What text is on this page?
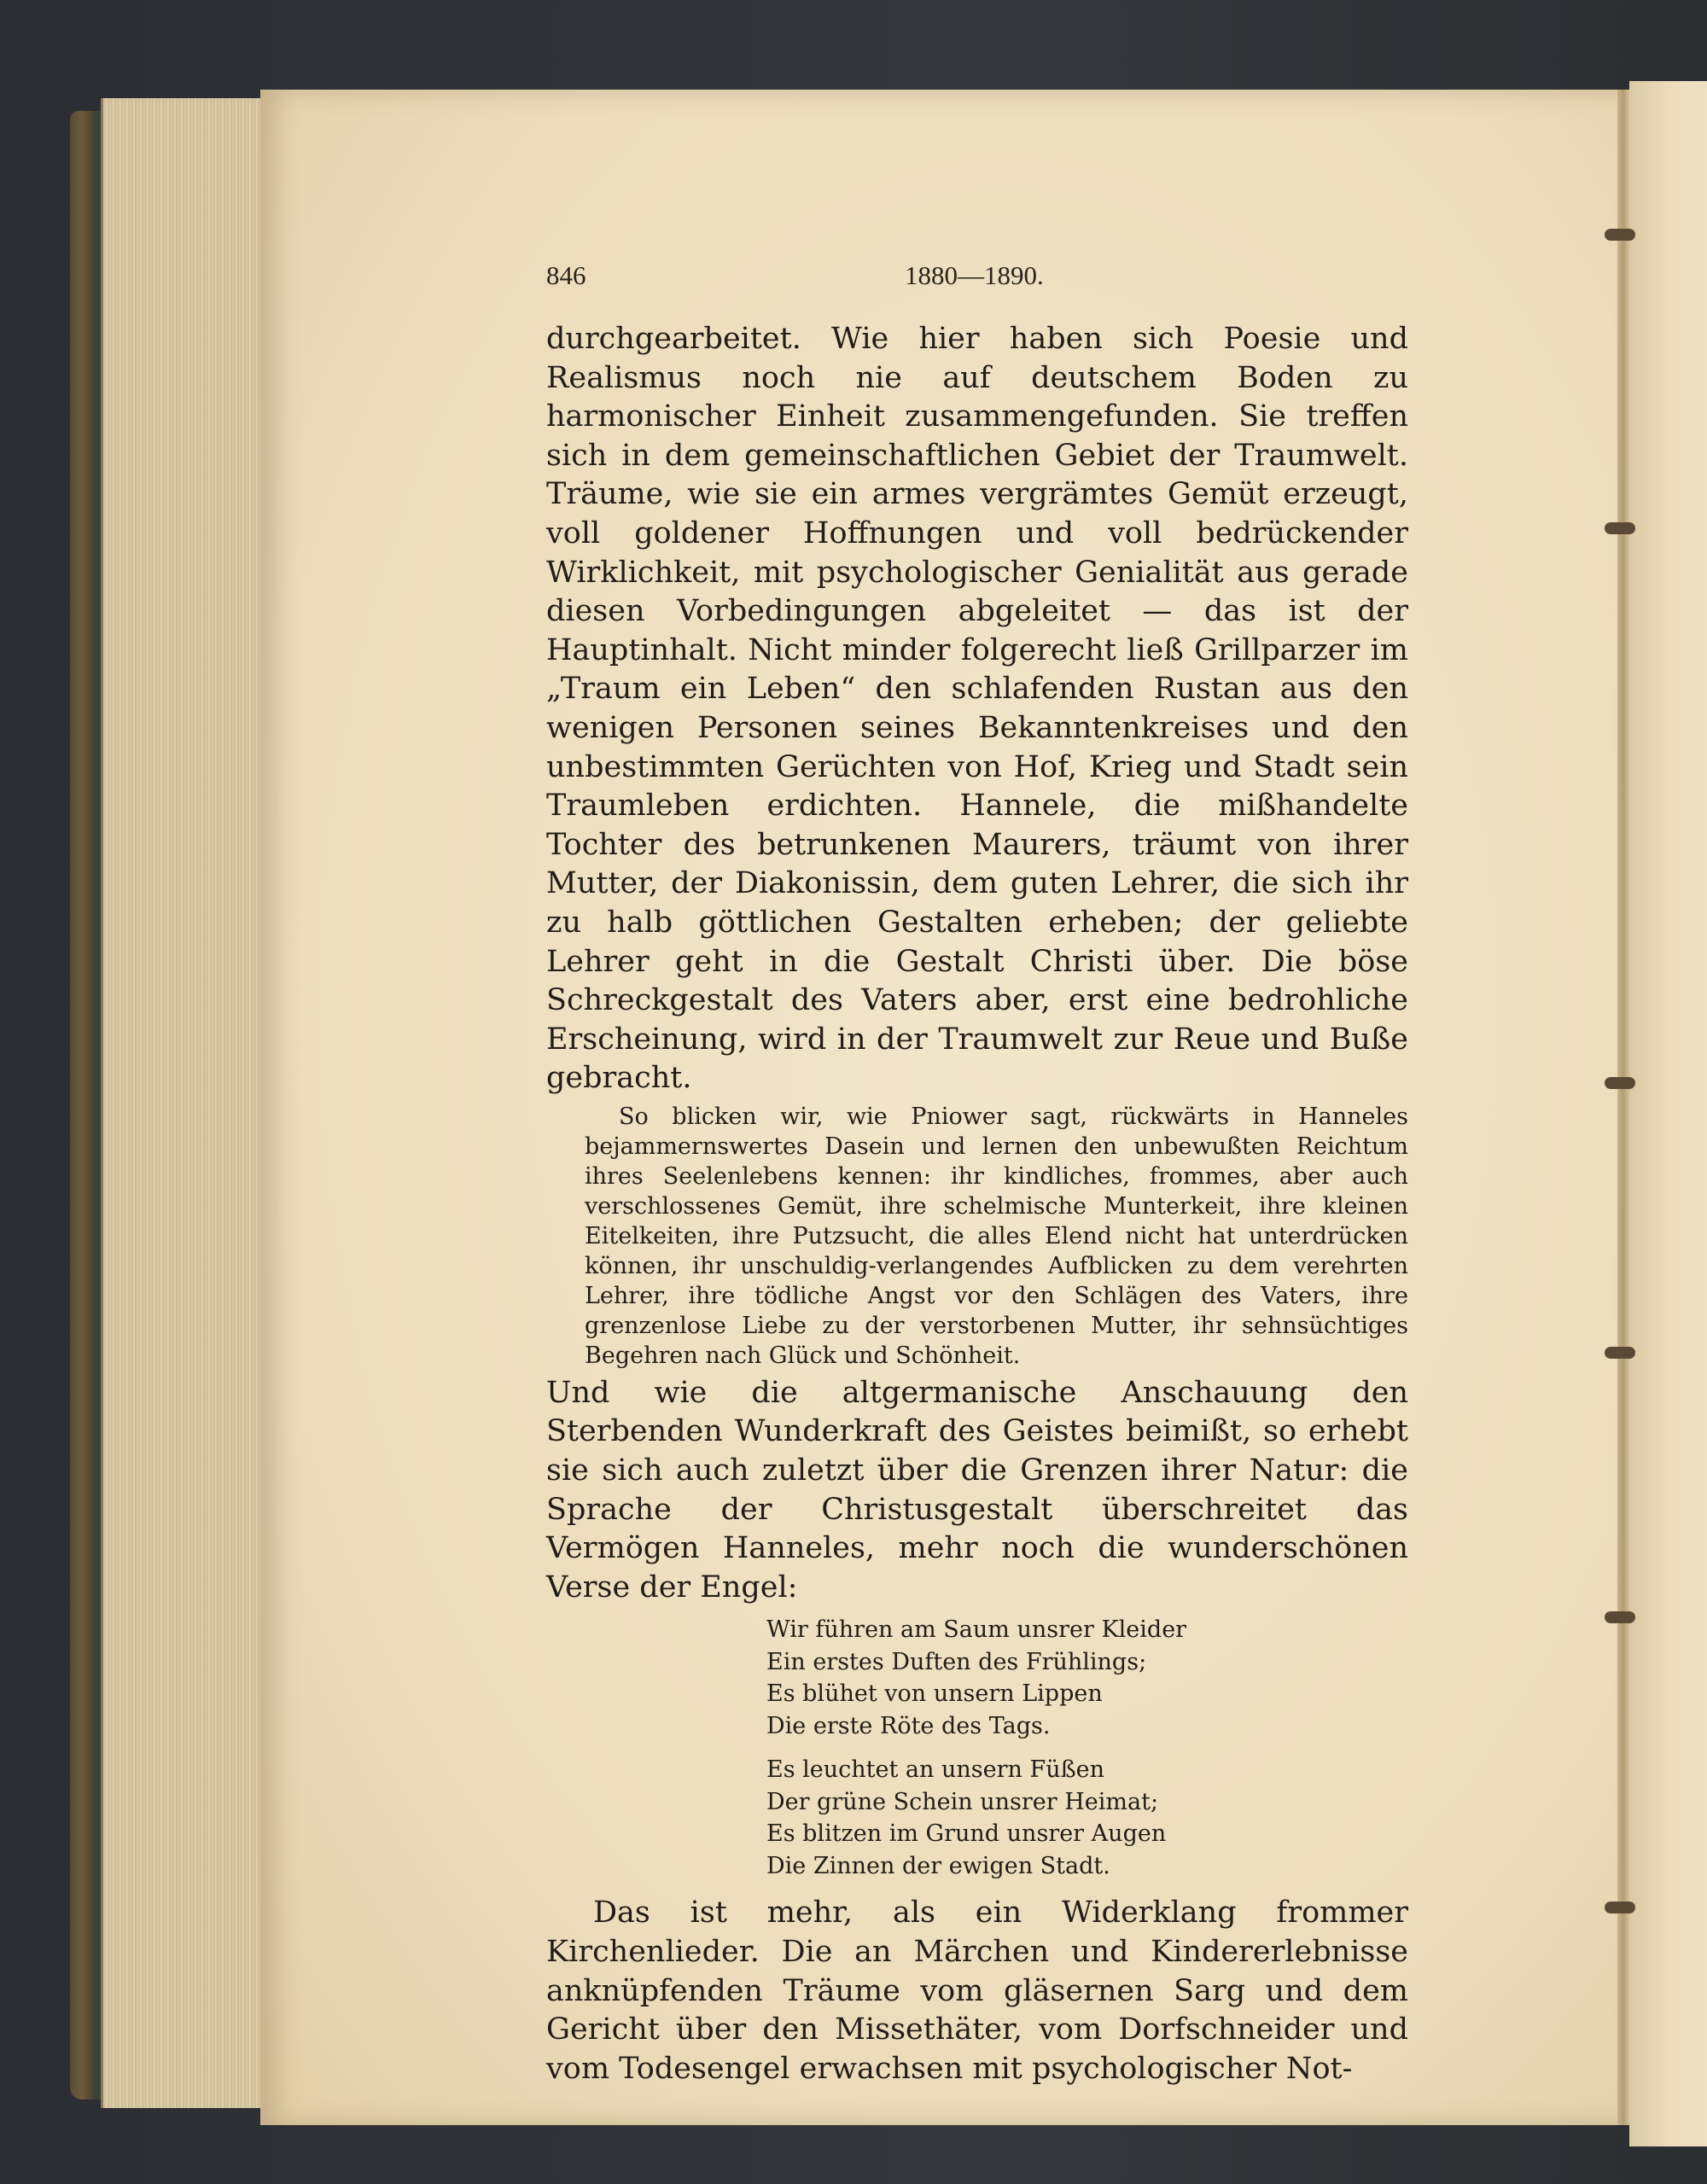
846	1880—1890.

durchgearbeitet. Wie hier haben sich Poesie und Realismus noch nie auf deutschem Boden zu harmonischer Einheit zusammengefunden. Sie treffen sich in dem gemeinschaftlichen Gebiet der Traumwelt. Träume, wie sie ein armes vergrämtes Gemüt erzeugt, voll goldener Hoffnungen und voll bedrückender Wirklichkeit, mit psychologischer Genialität aus gerade diesen Vorbedingungen abgeleitet — das ist der Hauptinhalt. Nicht minder folgerecht ließ Grillparzer im „Traum ein Leben“ den schlafenden Rustan aus den wenigen Personen seines Bekanntenkreises und den unbestimmten Gerüchten von Hof, Krieg und Stadt sein Traumleben erdichten. Hannele, die mißhandelte Tochter des betrunkenen Maurers, träumt von ihrer Mutter, der Diakonissin, dem guten Lehrer, die sich ihr zu halb göttlichen Gestalten erheben; der geliebte Lehrer geht in die Gestalt Christi über. Die böse Schreckgestalt des Vaters aber, erst eine bedrohliche Erscheinung, wird in der Traumwelt zur Reue und Buße gebracht.

So blicken wir, wie Pniower sagt, rückwärts in Hanneles bejammernswertes Dasein und lernen den unbewußten Reichtum ihres Seelenlebens kennen: ihr kindliches, frommes, aber auch verschlossenes Gemüt, ihre schelmische Munterkeit, ihre kleinen Eitelkeiten, ihre Putzsucht, die alles Elend nicht hat unterdrücken können, ihr unschuldig-verlangendes Aufblicken zu dem verehrten Lehrer, ihre tödliche Angst vor den Schlägen des Vaters, ihre grenzenlose Liebe zu der verstorbenen Mutter, ihr sehnsüchtiges Begehren nach Glück und Schönheit.

Und wie die altgermanische Anschauung den Sterbenden Wunderkraft des Geistes beimißt, so erhebt sie sich auch zuletzt über die Grenzen ihrer Natur: die Sprache der Christusgestalt überschreitet das Vermögen Hanneles, mehr noch die wunderschönen Verse der Engel:

Wir führen am Saum unsrer Kleider
Ein erstes Duften des Frühlings;
Es blühet von unsern Lippen
Die erste Röte des Tags.
Es leuchtet an unsern Füßen
Der grüne Schein unsrer Heimat;
Es blitzen im Grund unsrer Augen
Die Zinnen der ewigen Stadt.

Das ist mehr, als ein Widerklang frommer Kirchenlieder. Die an Märchen und Kindererlebnisse anknüpfenden Träume vom gläsernen Sarg und dem Gericht über den Missethäter, vom Dorfschneider und vom Todesengel erwachsen mit psychologischer Not-
